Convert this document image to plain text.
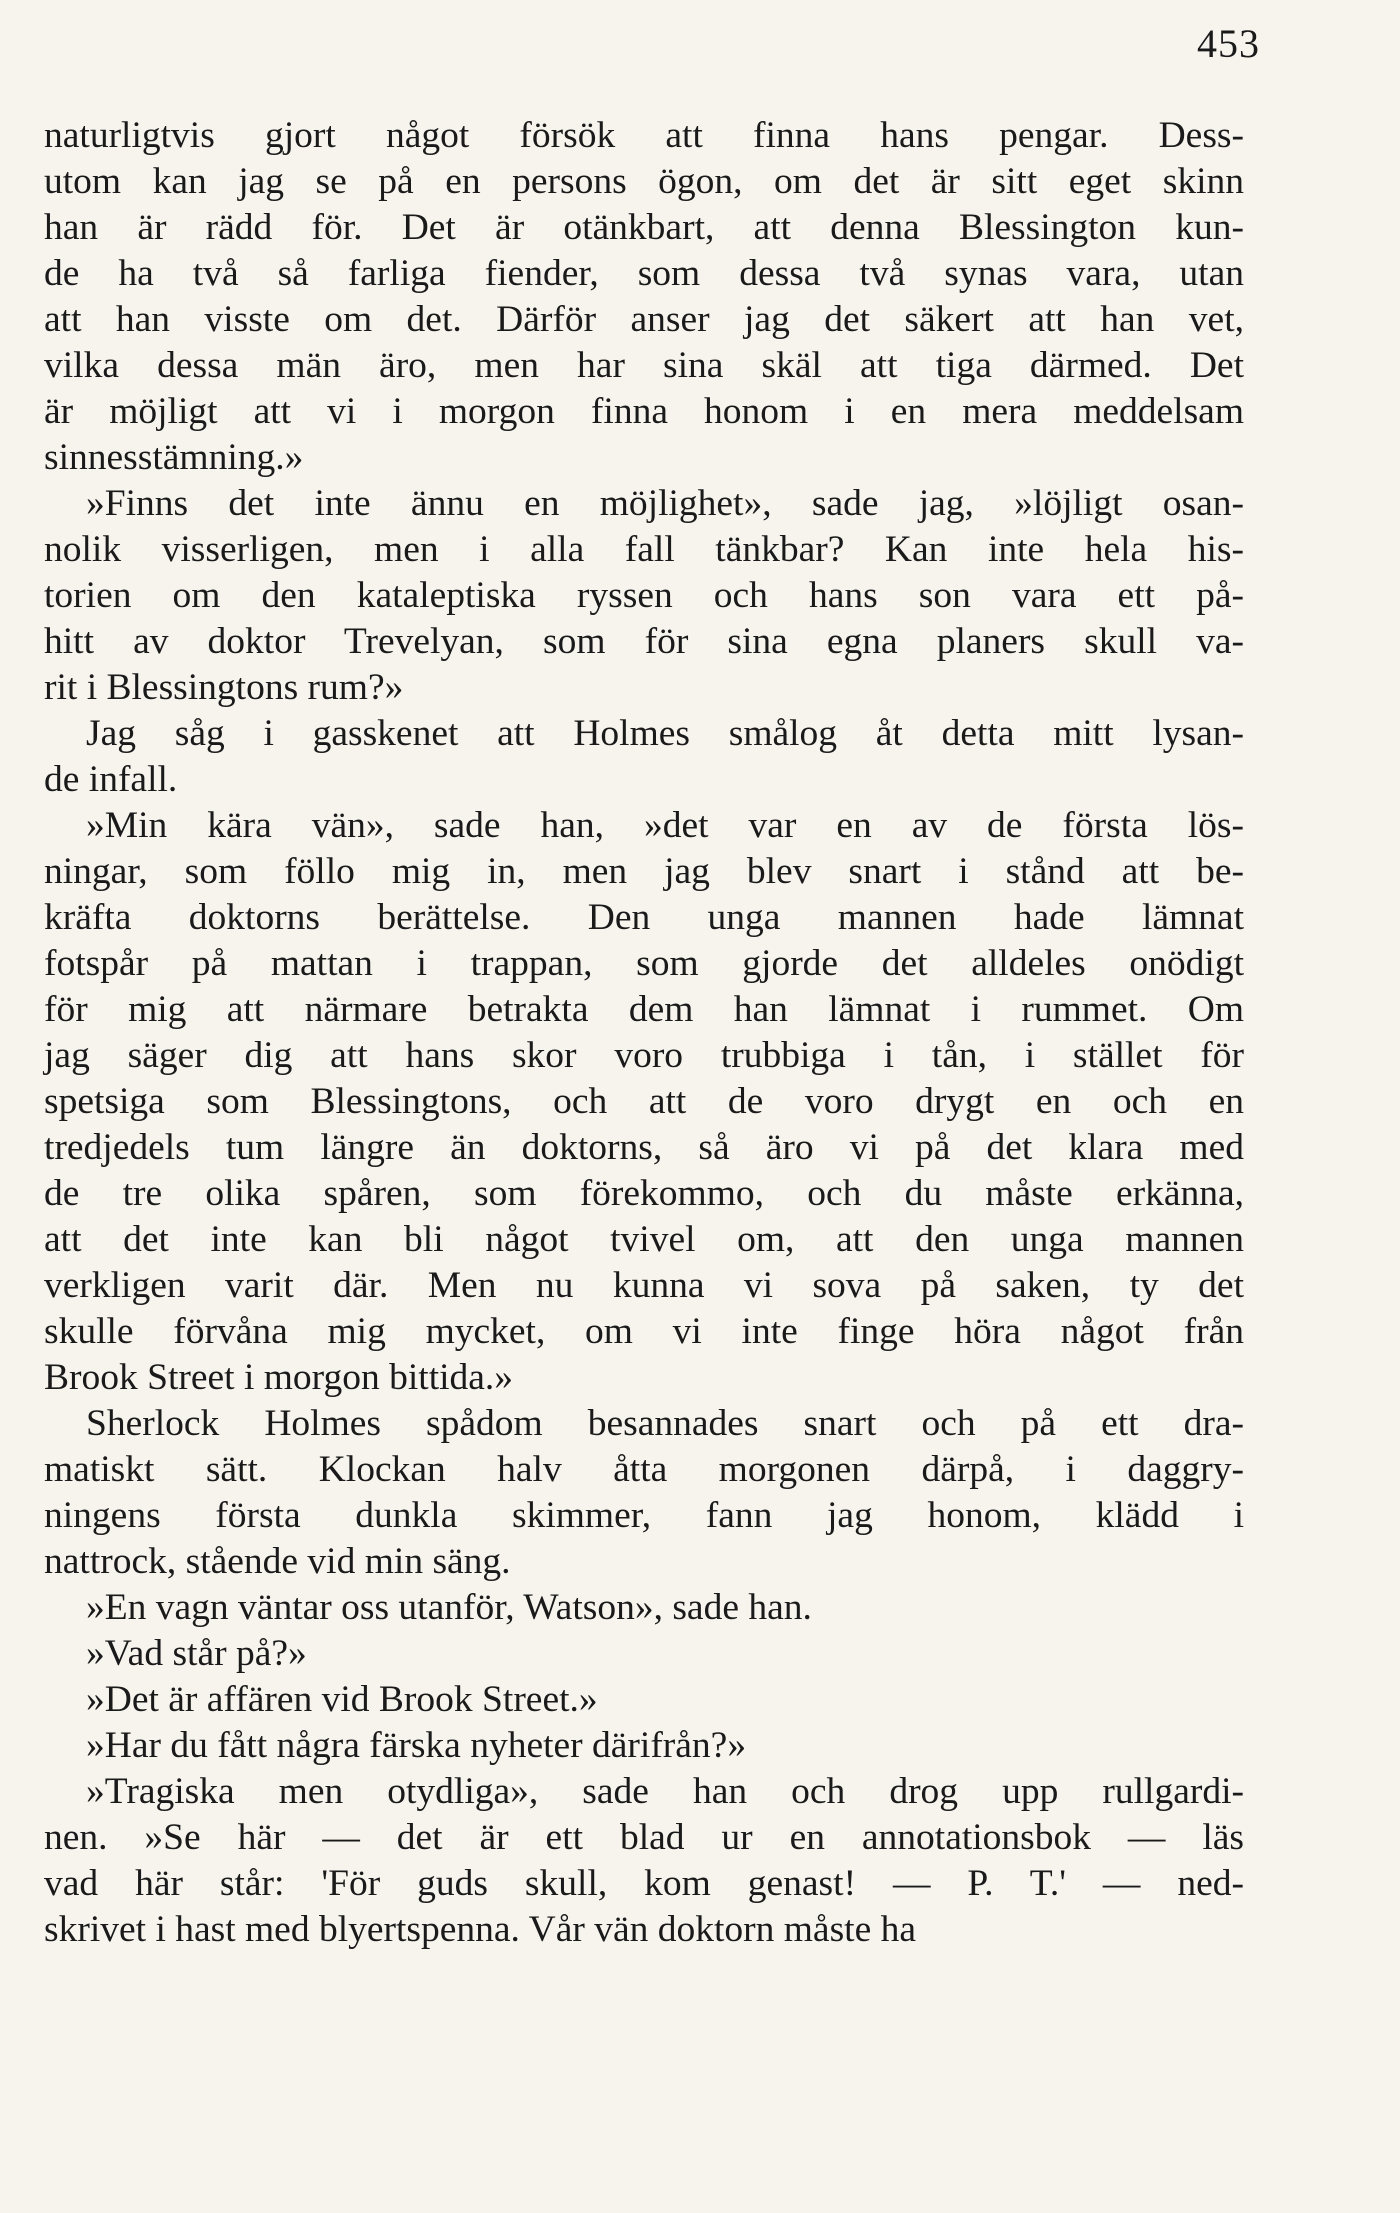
453
naturligtvis gjort något försök att finna hans pengar. Dess-
utom kan jag se på en persons ögon, om det är sitt eget skinn
han är rädd för. Det är otänkbart, att denna Blessington kun-
de ha två så farliga fiender, som dessa två synas vara, utan
att han visste om det. Därför anser jag det säkert att han vet,
vilka dessa män äro, men har sina skäl att tiga därmed. Det
är möjligt att vi i morgon finna honom i en mera meddelsam
sinnesstämning.»
»Finns det inte ännu en möjlighet», sade jag, »löjligt osan-
nolik visserligen, men i alla fall tänkbar? Kan inte hela his-
torien om den kataleptiska ryssen och hans son vara ett på-
hitt av doktor Trevelyan, som för sina egna planers skull va-
rit i Blessingtons rum?»
Jag såg i gasskenet att Holmes smålog åt detta mitt lysan-
de infall.
»Min kära vän», sade han, »det var en av de första lös-
ningar, som föllo mig in, men jag blev snart i stånd att be-
kräfta doktorns berättelse. Den unga mannen hade lämnat
fotspår på mattan i trappan, som gjorde det alldeles onödigt
för mig att närmare betrakta dem han lämnat i rummet. Om
jag säger dig att hans skor voro trubbiga i tån, i stället för
spetsiga som Blessingtons, och att de voro drygt en och en
tredjedels tum längre än doktorns, så äro vi på det klara med
de tre olika spåren, som förekommo, och du måste erkänna,
att det inte kan bli något tvivel om, att den unga mannen
verkligen varit där. Men nu kunna vi sova på saken, ty det
skulle förvåna mig mycket, om vi inte finge höra något från
Brook Street i morgon bittida.»
Sherlock Holmes spådom besannades snart och på ett dra-
matiskt sätt. Klockan halv åtta morgonen därpå, i daggry-
ningens första dunkla skimmer, fann jag honom, klädd i
nattrock, stående vid min säng.
»En vagn väntar oss utanför, Watson», sade han.
»Vad står på?»
»Det är affären vid Brook Street.»
»Har du fått några färska nyheter därifrån?»
»Tragiska men otydliga», sade han och drog upp rullgardi-
nen. »Se här — det är ett blad ur en annotationsbok — läs
vad här står: 'För guds skull, kom genast! — P. T.' — ned-
skrivet i hast med blyertspenna. Vår vän doktorn måste ha
